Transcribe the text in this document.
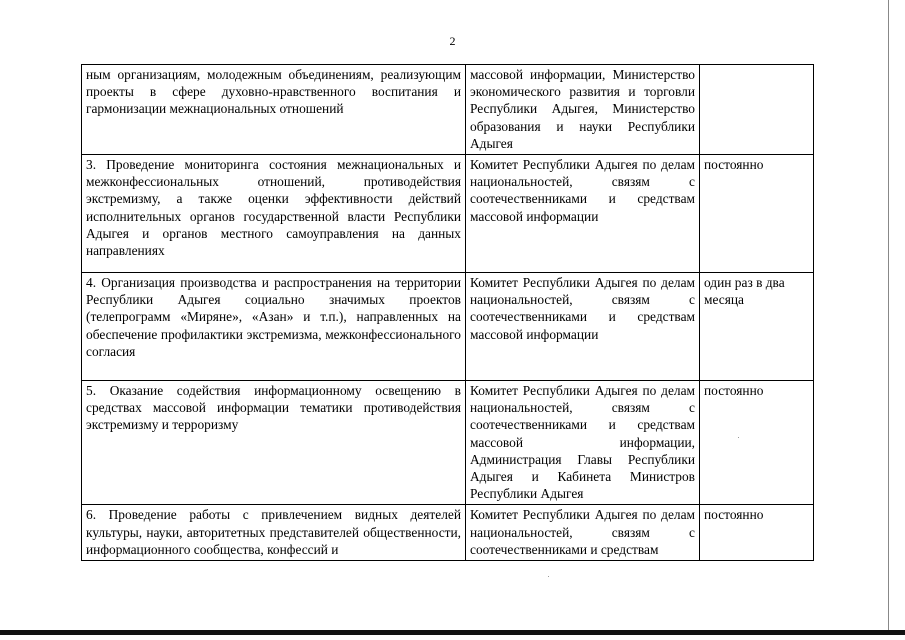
2
ным организациям, молодежным объединениям, реализующим проекты в сфере духовно-нравственного воспитания и гармонизации межнациональных отношений	массовой информации, Министерство экономического развития и торговли Республики Адыгея, Министерство образования и науки Республики Адыгея	

3. Проведение мониторинга состояния межнациональных и межконфессиональных отношений, противодействия экстремизму, а также оценки эффективности действий исполнительных органов государственной власти Республики Адыгея и органов местного самоуправления на данных направлениях	Комитет Республики Адыгея по делам национальностей, связям с соотечественниками и средствам массовой информации	постоянно

4. Организация производства и распространения на территории Республики Адыгея социально значимых проектов (телепрограмм «Миряне», «Азан» и т.п.), направленных на обеспечение профилактики экстремизма, межконфессионального согласия	Комитет Республики Адыгея по делам национальностей, связям с соотечественниками и средствам массовой информации	один раз в два месяца

5. Оказание содействия информационному освещению в средствах массовой информации тематики противодействия экстремизму и терроризму	Комитет Республики Адыгея по делам национальностей, связям с соотечественниками и средствам массовой информации, Администрация Главы Республики Адыгея и Кабинета Министров Республики Адыгея	постоянно

6. Проведение работы с привлечением видных деятелей культуры, науки, авторитетных представителей общественности, информационного сообщества, конфессий и	Комитет Республики Адыгея по делам национальностей, связям с соотечественниками и средствам	постоянно
